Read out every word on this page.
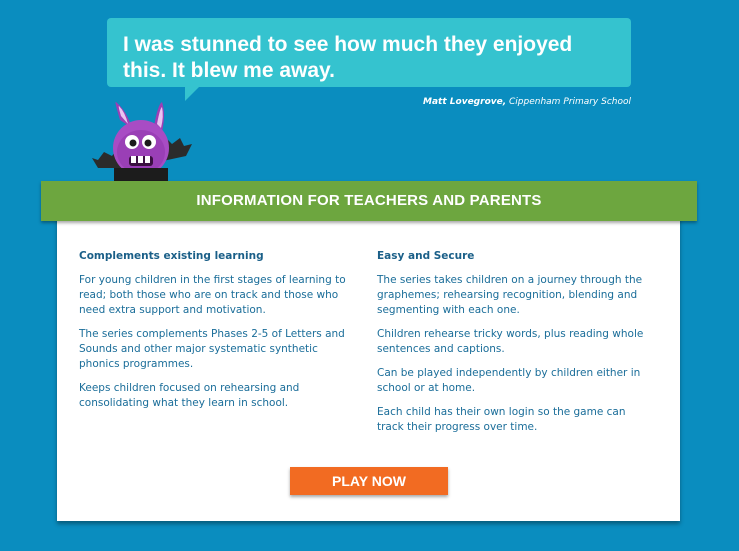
I was stunned to see how much they enjoyed this. It blew me away.
Matt Lovegrove, Cippenham Primary School
INFORMATION FOR TEACHERS AND PARENTS
Complements existing learning

For young children in the first stages of learning to read; both those who are on track and those who need extra support and motivation.

The series complements Phases 2-5 of Letters and Sounds and other major systematic synthetic phonics programmes.

Keeps children focused on rehearsing and consolidating what they learn in school.

Easy and Secure

The series takes children on a journey through the graphemes; rehearsing recognition, blending and segmenting with each one.

Children rehearse tricky words, plus reading whole sentences and captions.

Can be played independently by children either in school or at home.

Each child has their own login so the game can track their progress over time.

PLAY NOW
